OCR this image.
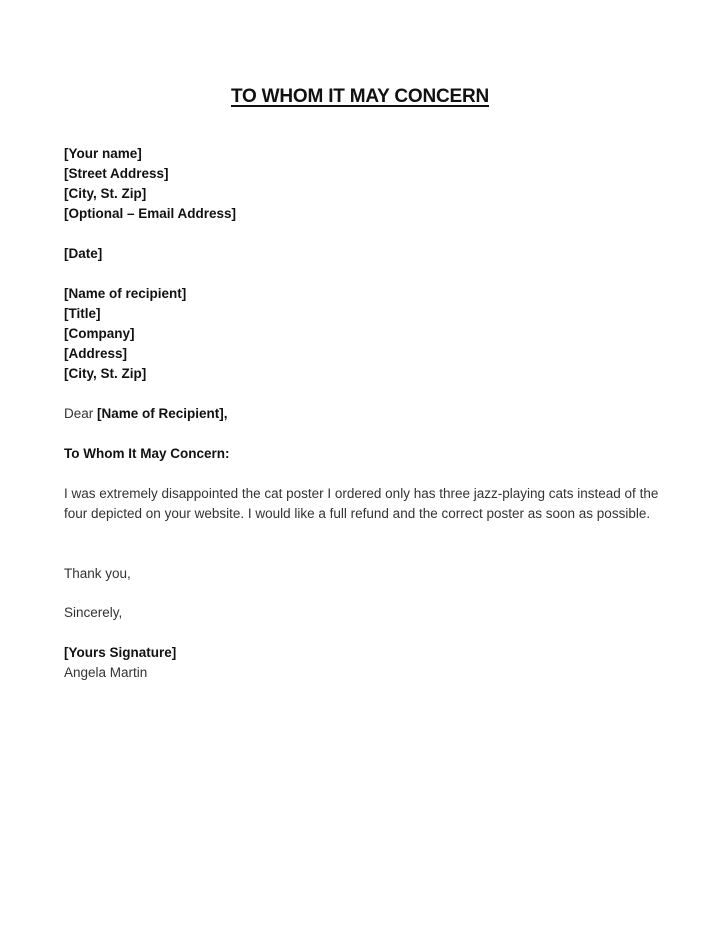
TO WHOM IT MAY CONCERN
[Your name]
[Street Address]
[City, St. Zip]
[Optional – Email Address]
[Date]
[Name of recipient]
[Title]
[Company]
[Address]
[City, St. Zip]
Dear [Name of Recipient],
To Whom It May Concern:
I was extremely disappointed the cat poster I ordered only has three jazz-playing cats instead of the four depicted on your website. I would like a full refund and the correct poster as soon as possible.
Thank you,
Sincerely,
[Yours Signature]
Angela Martin
